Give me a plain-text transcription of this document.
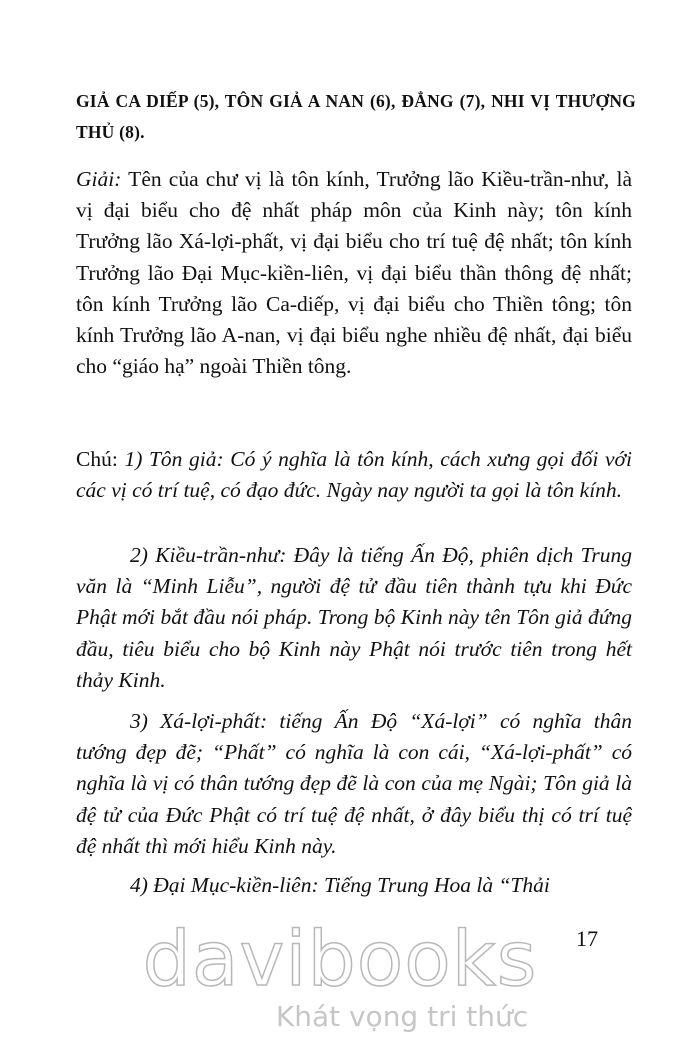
GIẢ CA DIẾP (5), TÔN GIẢ A NAN (6), ĐẲNG (7), NHI VỊ THƯỢNG THỦ (8).
Giải: Tên của chư vị là tôn kính, Trưởng lão Kiều-trần-như, là vị đại biểu cho đệ nhất pháp môn của Kinh này; tôn kính Trưởng lão Xá-lợi-phất, vị đại biểu cho trí tuệ đệ nhất; tôn kính Trưởng lão Đại Mục-kiền-liên, vị đại biểu thần thông đệ nhất; tôn kính Trưởng lão Ca-diếp, vị đại biểu cho Thiền tông; tôn kính Trưởng lão A-nan, vị đại biểu nghe nhiều đệ nhất, đại biểu cho “giáo hạ” ngoài Thiền tông.
Chú: 1) Tôn giả: Có ý nghĩa là tôn kính, cách xưng gọi đối với các vị có trí tuệ, có đạo đức. Ngày nay người ta gọi là tôn kính.
2) Kiều-trần-như: Đây là tiếng Ấn Độ, phiên dịch Trung văn là “Minh Liễu”, người đệ tử đầu tiên thành tựu khi Đức Phật mới bắt đầu nói pháp. Trong bộ Kinh này tên Tôn giả đứng đầu, tiêu biểu cho bộ Kinh này Phật nói trước tiên trong hết thảy Kinh.
3) Xá-lợi-phất: tiếng Ấn Độ “Xá-lợi” có nghĩa thân tướng đẹp đẽ; “Phất” có nghĩa là con cái, “Xá-lợi-phất” có nghĩa là vị có thân tướng đẹp đẽ là con của mẹ Ngài; Tôn giả là đệ tử của Đức Phật có trí tuệ đệ nhất, ở đây biểu thị có trí tuệ đệ nhất thì mới hiểu Kinh này.
4) Đại Mục-kiền-liên: Tiếng Trung Hoa là “Thải
17
davibooks
Khát vọng tri thức
